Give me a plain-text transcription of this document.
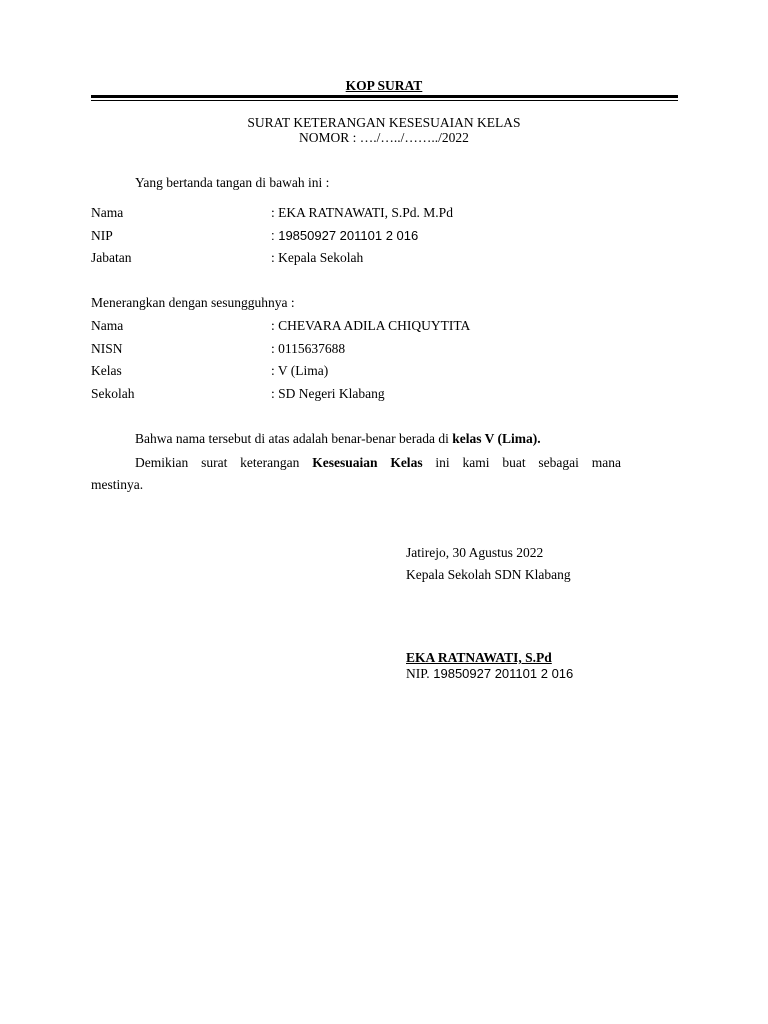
KOP SURAT
SURAT KETERANGAN KESESUAIAN KELAS
NOMOR : …./…../……../2022
Yang bertanda tangan di bawah ini :
Nama	: EKA RATNAWATI, S.Pd. M.Pd
NIP	: 19850927 201101 2 016
Jabatan	: Kepala Sekolah
Menerangkan dengan sesungguhnya :
Nama	: CHEVARA ADILA CHIQUYTITA
NISN	: 0115637688
Kelas	: V (Lima)
Sekolah	: SD Negeri Klabang
Bahwa nama tersebut di atas adalah benar-benar berada di kelas V (Lima).
Demikian surat keterangan Kesesuaian Kelas ini kami buat sebagai mana
mestinya.
Jatirejo, 30 Agustus 2022
Kepala Sekolah SDN Klabang
EKA RATNAWATI, S.Pd
NIP. 19850927 201101 2 016
